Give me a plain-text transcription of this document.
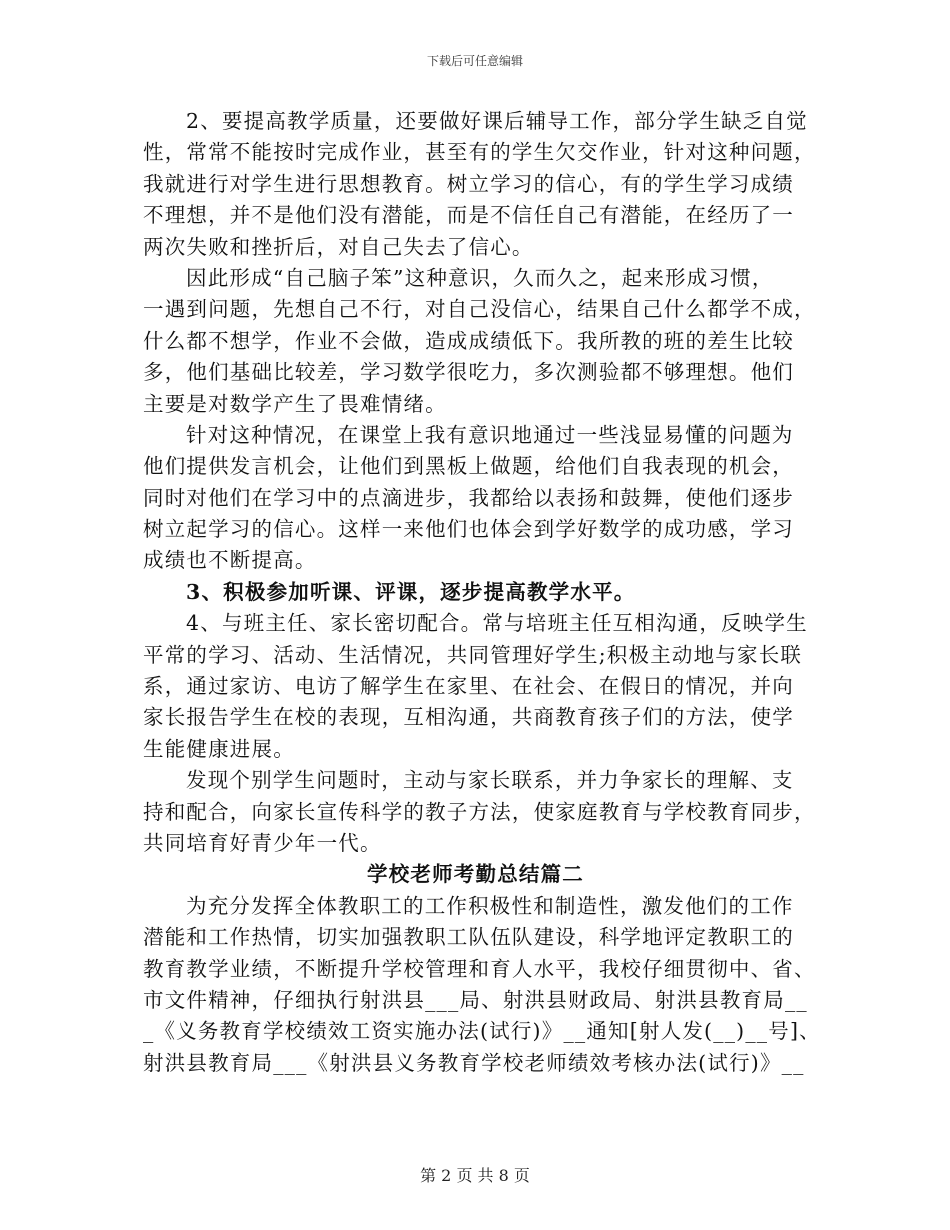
下载后可任意编辑
2、要提高教学质量，还要做好课后辅导工作，部分学生缺乏自觉
性，常常不能按时完成作业，甚至有的学生欠交作业，针对这种问题，
我就进行对学生进行思想教育。树立学习的信心，有的学生学习成绩
不理想，并不是他们没有潜能，而是不信任自己有潜能，在经历了一
两次失败和挫折后，对自己失去了信心。
因此形成“自己脑子笨”这种意识，久而久之，起来形成习惯，
一遇到问题，先想自己不行，对自己没信心，结果自己什么都学不成，
什么都不想学，作业不会做，造成成绩低下。我所教的班的差生比较
多，他们基础比较差，学习数学很吃力，多次测验都不够理想。他们
主要是对数学产生了畏难情绪。
针对这种情况，在课堂上我有意识地通过一些浅显易懂的问题为
他们提供发言机会，让他们到黑板上做题，给他们自我表现的机会，
同时对他们在学习中的点滴进步，我都给以表扬和鼓舞，使他们逐步
树立起学习的信心。这样一来他们也体会到学好数学的成功感，学习
成绩也不断提高。
3、积极参加听课、评课，逐步提高教学水平。
4、与班主任、家长密切配合。常与培班主任互相沟通，反映学生
平常的学习、活动、生活情况，共同管理好学生;积极主动地与家长联
系，通过家访、电访了解学生在家里、在社会、在假日的情况，并向
家长报告学生在校的表现，互相沟通，共商教育孩子们的方法，使学
生能健康进展。
发现个别学生问题时，主动与家长联系，并力争家长的理解、支
持和配合，向家长宣传科学的教子方法，使家庭教育与学校教育同步，
共同培育好青少年一代。
学校老师考勤总结篇二
为充分发挥全体教职工的工作积极性和制造性，激发他们的工作
潜能和工作热情，切实加强教职工队伍队建设，科学地评定教职工的
教育教学业绩，不断提升学校管理和育人水平，我校仔细贯彻中、省、
市文件精神，仔细执行射洪县___局、射洪县财政局、射洪县教育局__
_《义务教育学校绩效工资实施办法(试行)》__通知[射人发(__)__号]、
射洪县教育局___《射洪县义务教育学校老师绩效考核办法(试行)》__
第 2 页 共 8 页
